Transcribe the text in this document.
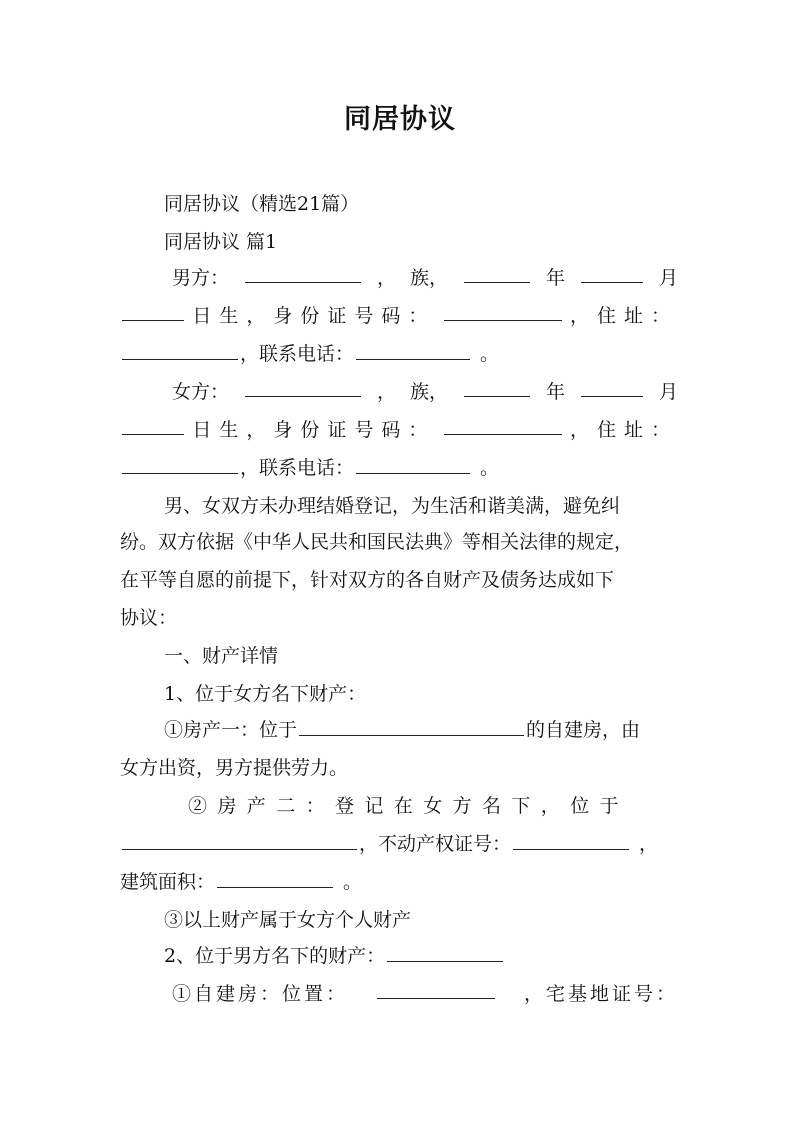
同居协议
同居协议（精选21篇）
同居协议 篇1
男方：	， 族，	年	月
日生，身份证号码：	，住址：
，联系电话：	。
女方：	， 族，	年	月
日生，身份证号码：	，住址：
，联系电话：	。
男、女双方未办理结婚登记，为生活和谐美满，避免纠
纷。双方依据《中华人民共和国民法典》等相关法律的规定，
在平等自愿的前提下，针对双方的各自财产及债务达成如下
协议：
一、财产详情
1、位于女方名下财产：
①房产一：位于	的自建房，由
女方出资，男方提供劳力。
②房产二：登记在女方名下，位于
，不动产权证号：	，
建筑面积：	。
③以上财产属于女方个人财产
2、位于男方名下的财产：
①自建房：位置：	，宅基地证号：
